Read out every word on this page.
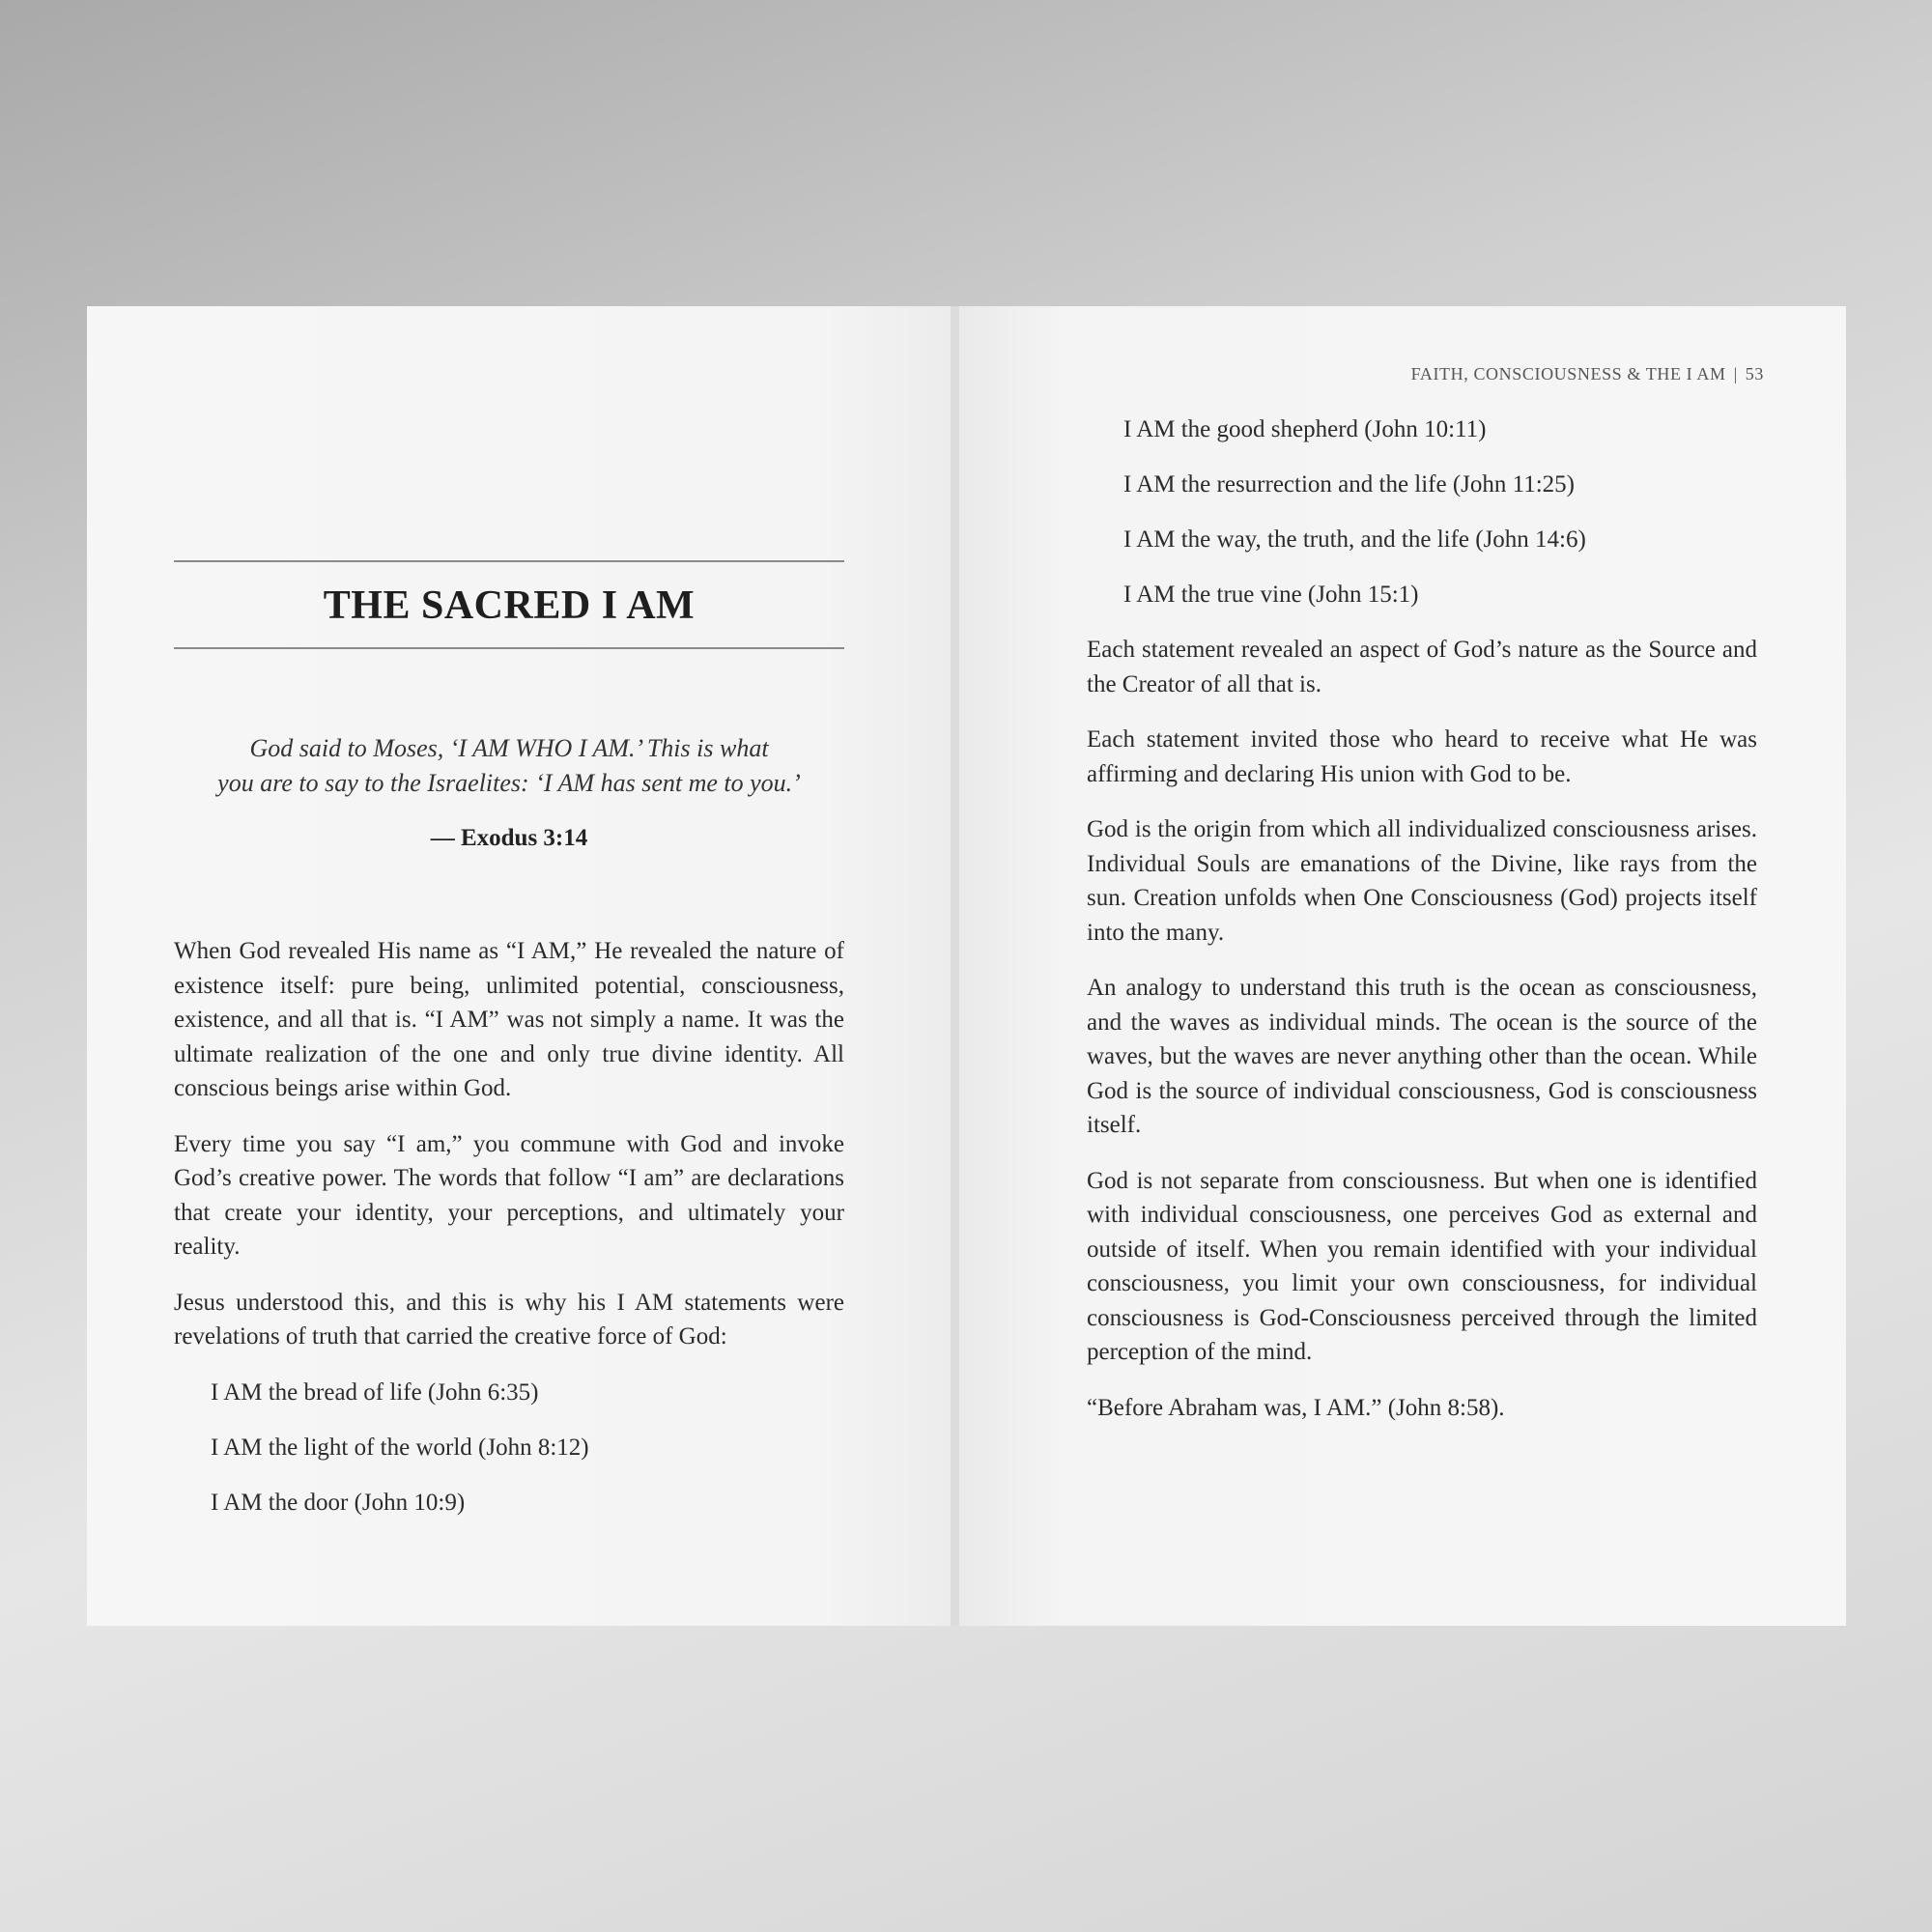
THE SACRED I AM
God said to Moses, ‘I AM WHO I AM.’ This is what
you are to say to the Israelites: ‘I AM has sent me to you.’
— Exodus 3:14

When God revealed His name as “I AM,” He revealed the nature of existence itself: pure being, unlimited potential, consciousness, existence, and all that is. “I AM” was not simply a name. It was the ultimate realization of the one and only true divine identity. All conscious beings arise within God.

Every time you say “I am,” you commune with God and invoke God’s creative power. The words that follow “I am” are declarations that create your identity, your perceptions, and ultimately your reality.

Jesus understood this, and this is why his I AM statements were revelations of truth that carried the creative force of God:

I AM the bread of life (John 6:35)
I AM the light of the world (John 8:12)
I AM the door (John 10:9)
FAITH, CONSCIOUSNESS & THE I AM | 53
I AM the good shepherd (John 10:11)
I AM the resurrection and the life (John 11:25)
I AM the way, the truth, and the life (John 14:6)
I AM the true vine (John 15:1)

Each statement revealed an aspect of God’s nature as the Source and the Creator of all that is.

Each statement invited those who heard to receive what He was affirming and declaring His union with God to be.

God is the origin from which all individualized consciousness arises. Individual Souls are emanations of the Divine, like rays from the sun. Creation unfolds when One Consciousness (God) projects itself into the many.

An analogy to understand this truth is the ocean as consciousness, and the waves as individual minds. The ocean is the source of the waves, but the waves are never anything other than the ocean. While God is the source of individual consciousness, God is consciousness itself.

God is not separate from consciousness. But when one is identified with individual consciousness, one perceives God as external and outside of itself. When you remain identified with your individual consciousness, you limit your own consciousness, for individual consciousness is God-Consciousness perceived through the limited perception of the mind.

“Before Abraham was, I AM.” (John 8:58).
